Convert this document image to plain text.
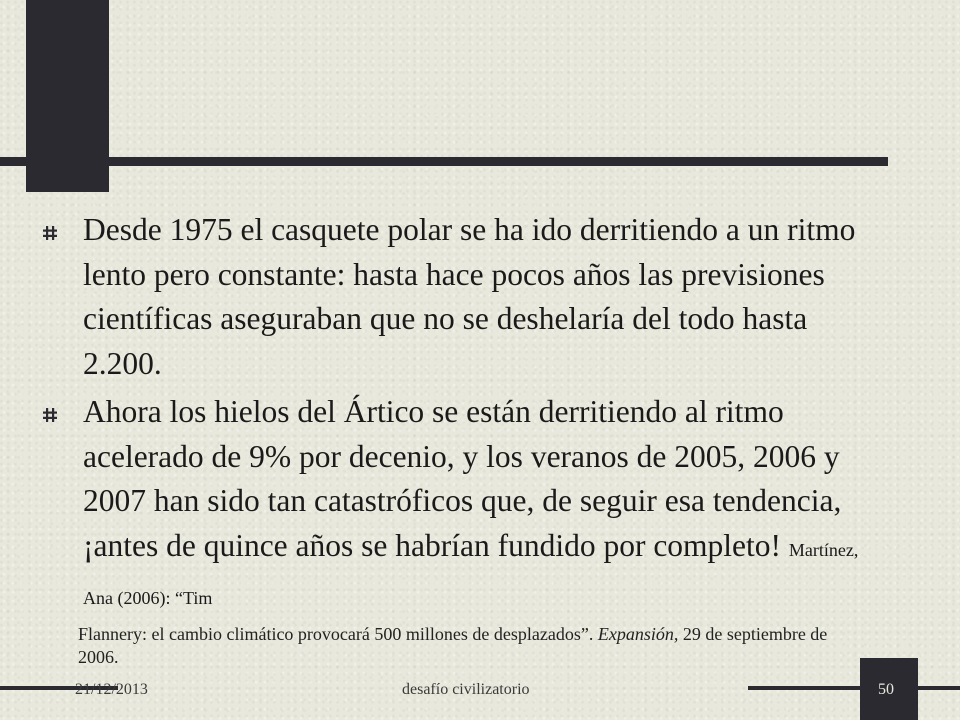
Desde 1975 el casquete polar se ha ido derritiendo a un ritmo lento pero constante: hasta hace pocos años las previsiones científicas aseguraban que no se deshelaría del todo hasta 2.200.
Ahora los hielos del Ártico se están derritiendo al ritmo acelerado de 9% por decenio, y los veranos de 2005, 2006 y 2007 han sido tan catastróficos que, de seguir esa tendencia, ¡antes de quince años se habrían fundido por completo! Martínez, Ana (2006): “Tim
Flannery: el cambio climático provocará 500 millones de desplazados”. Expansión, 29 de septiembre de 2006.
21/12/2013	desafío civilizatorio	50
